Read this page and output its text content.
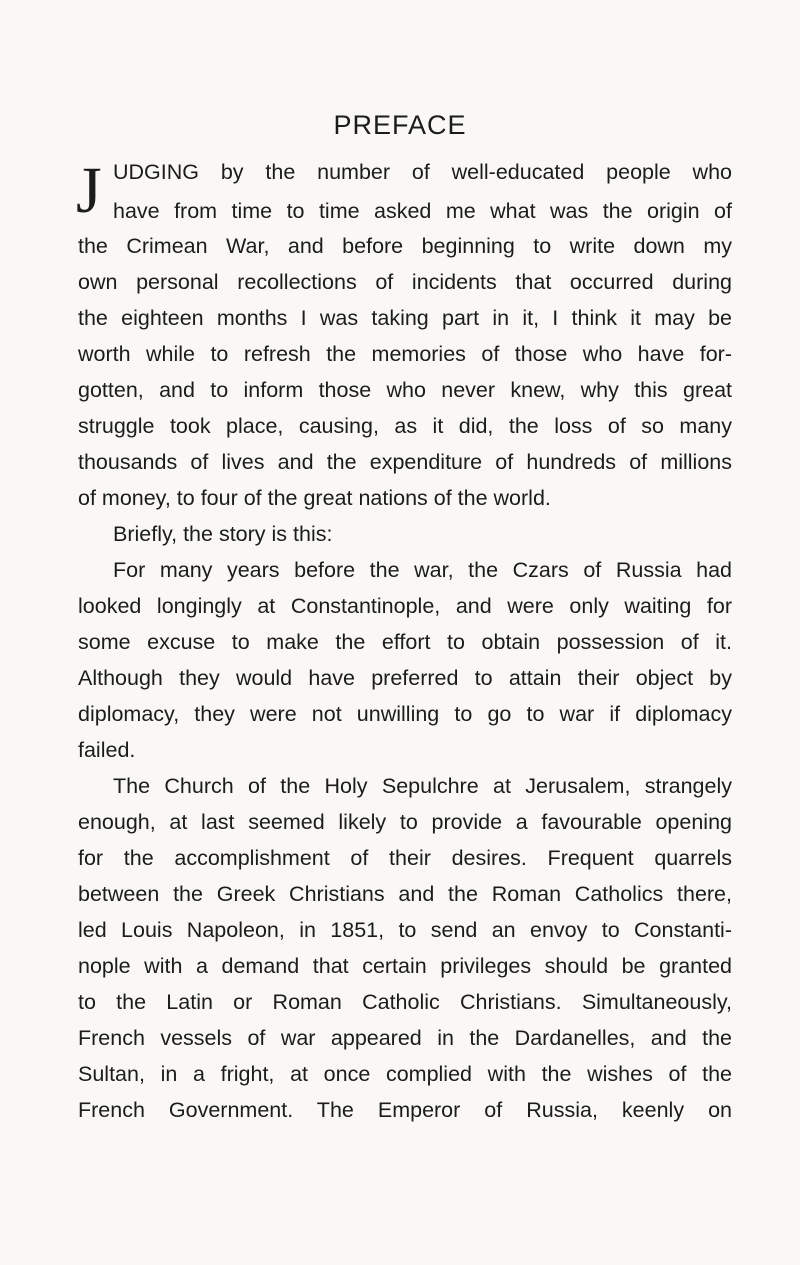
PREFACE
J UDGING by the number of well-educated people who
have from time to time asked me what was the origin of
the Crimean War, and before beginning to write down my
own personal recollections of incidents that occurred during
the eighteen months I was taking part in it, I think it may be
worth while to refresh the memories of those who have for-
gotten, and to inform those who never knew, why this great
struggle took place, causing, as it did, the loss of so many
thousands of lives and the expenditure of hundreds of millions
of money, to four of the great nations of the world.
Briefly, the story is this:
For many years before the war, the Czars of Russia had
looked longingly at Constantinople, and were only waiting for
some excuse to make the effort to obtain possession of it.
Although they would have preferred to attain their object by
diplomacy, they were not unwilling to go to war if diplomacy
failed.
The Church of the Holy Sepulchre at Jerusalem, strangely
enough, at last seemed likely to provide a favourable opening
for the accomplishment of their desires. Frequent quarrels
between the Greek Christians and the Roman Catholics there,
led Louis Napoleon, in 1851, to send an envoy to Constanti-
nople with a demand that certain privileges should be granted
to the Latin or Roman Catholic Christians. Simultaneously,
French vessels of war appeared in the Dardanelles, and the
Sultan, in a fright, at once complied with the wishes of the
French Government. The Emperor of Russia, keenly on
